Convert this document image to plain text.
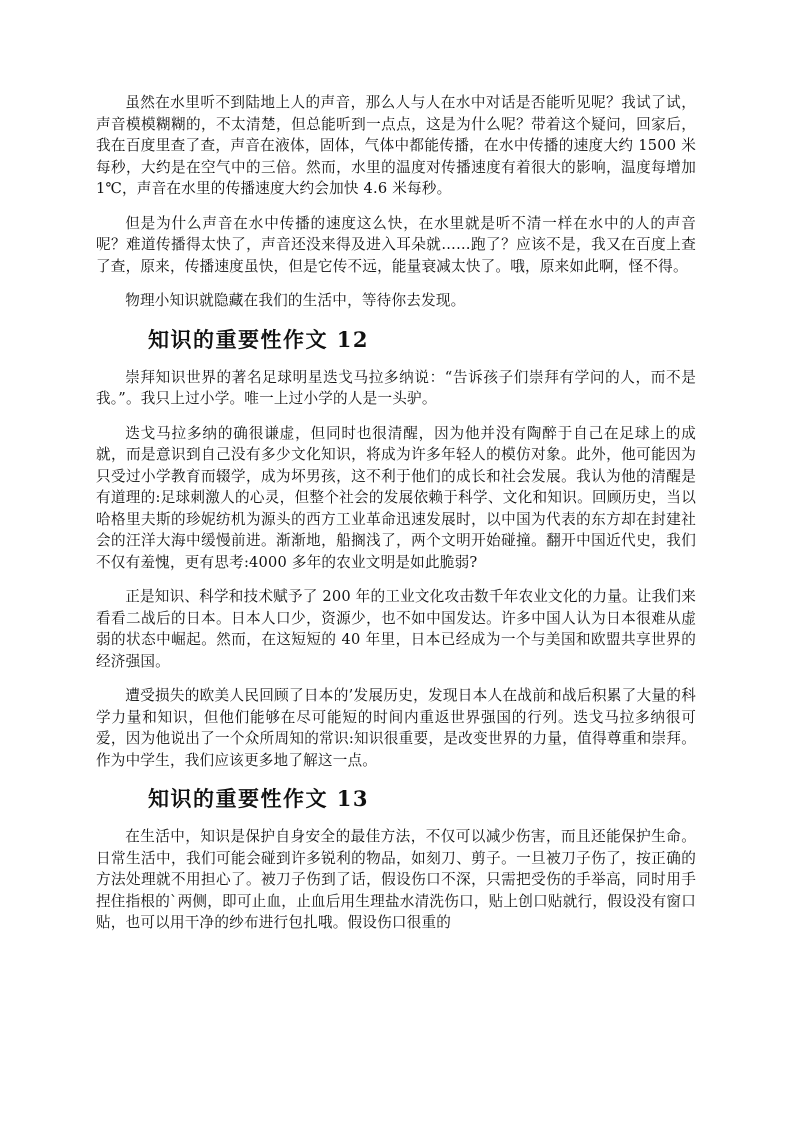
虽然在水里听不到陆地上人的声音，那么人与人在水中对话是否能听见呢？我试了试，声音模模糊糊的，不太清楚，但总能听到一点点，这是为什么呢？带着这个疑问，回家后，我在百度里查了查，声音在液体，固体，气体中都能传播，在水中传播的速度大约 1500 米每秒，大约是在空气中的三倍。然而，水里的温度对传播速度有着很大的影响，温度每增加 1℃，声音在水里的传播速度大约会加快 4.6 米每秒。

但是为什么声音在水中传播的速度这么快，在水里就是听不清一样在水中的人的声音呢？难道传播得太快了，声音还没来得及进入耳朵就……跑了？应该不是，我又在百度上查了查，原来，传播速度虽快，但是它传不远，能量衰减太快了。哦，原来如此啊，怪不得。

物理小知识就隐藏在我们的生活中，等待你去发现。

知识的重要性作文 12

崇拜知识世界的著名足球明星迭戈马拉多纳说：“告诉孩子们崇拜有学问的人，而不是我。”。我只上过小学。唯一上过小学的人是一头驴。

迭戈马拉多纳的确很谦虚，但同时也很清醒，因为他并没有陶醉于自己在足球上的成就，而是意识到自己没有多少文化知识，将成为许多年轻人的模仿对象。此外，他可能因为只受过小学教育而辍学，成为坏男孩，这不利于他们的成长和社会发展。我认为他的清醒是有道理的:足球刺激人的心灵，但整个社会的发展依赖于科学、文化和知识。回顾历史，当以哈格里夫斯的珍妮纺机为源头的西方工业革命迅速发展时，以中国为代表的东方却在封建社会的汪洋大海中缓慢前进。渐渐地，船搁浅了，两个文明开始碰撞。翻开中国近代史，我们不仅有羞愧，更有思考:4000 多年的农业文明是如此脆弱?

正是知识、科学和技术赋予了 200 年的工业文化攻击数千年农业文化的力量。让我们来看看二战后的日本。日本人口少，资源少，也不如中国发达。许多中国人认为日本很难从虚弱的状态中崛起。然而，在这短短的 40 年里，日本已经成为一个与美国和欧盟共享世界的经济强国。

遭受损失的欧美人民回顾了日本的’发展历史，发现日本人在战前和战后积累了大量的科学力量和知识，但他们能够在尽可能短的时间内重返世界强国的行列。迭戈马拉多纳很可爱，因为他说出了一个众所周知的常识:知识很重要，是改变世界的力量，值得尊重和崇拜。作为中学生，我们应该更多地了解这一点。

知识的重要性作文 13

在生活中，知识是保护自身安全的最佳方法，不仅可以减少伤害，而且还能保护生命。日常生活中，我们可能会碰到许多锐利的物品，如刻刀、剪子。一旦被刀子伤了，按正确的方法处理就不用担心了。被刀子伤到了话，假设伤口不深，只需把受伤的手举高，同时用手捏住指根的`两侧，即可止血，止血后用生理盐水清洗伤口，贴上创口贴就行，假设没有窗口贴，也可以用干净的纱布进行包扎哦。假设伤口很重的
